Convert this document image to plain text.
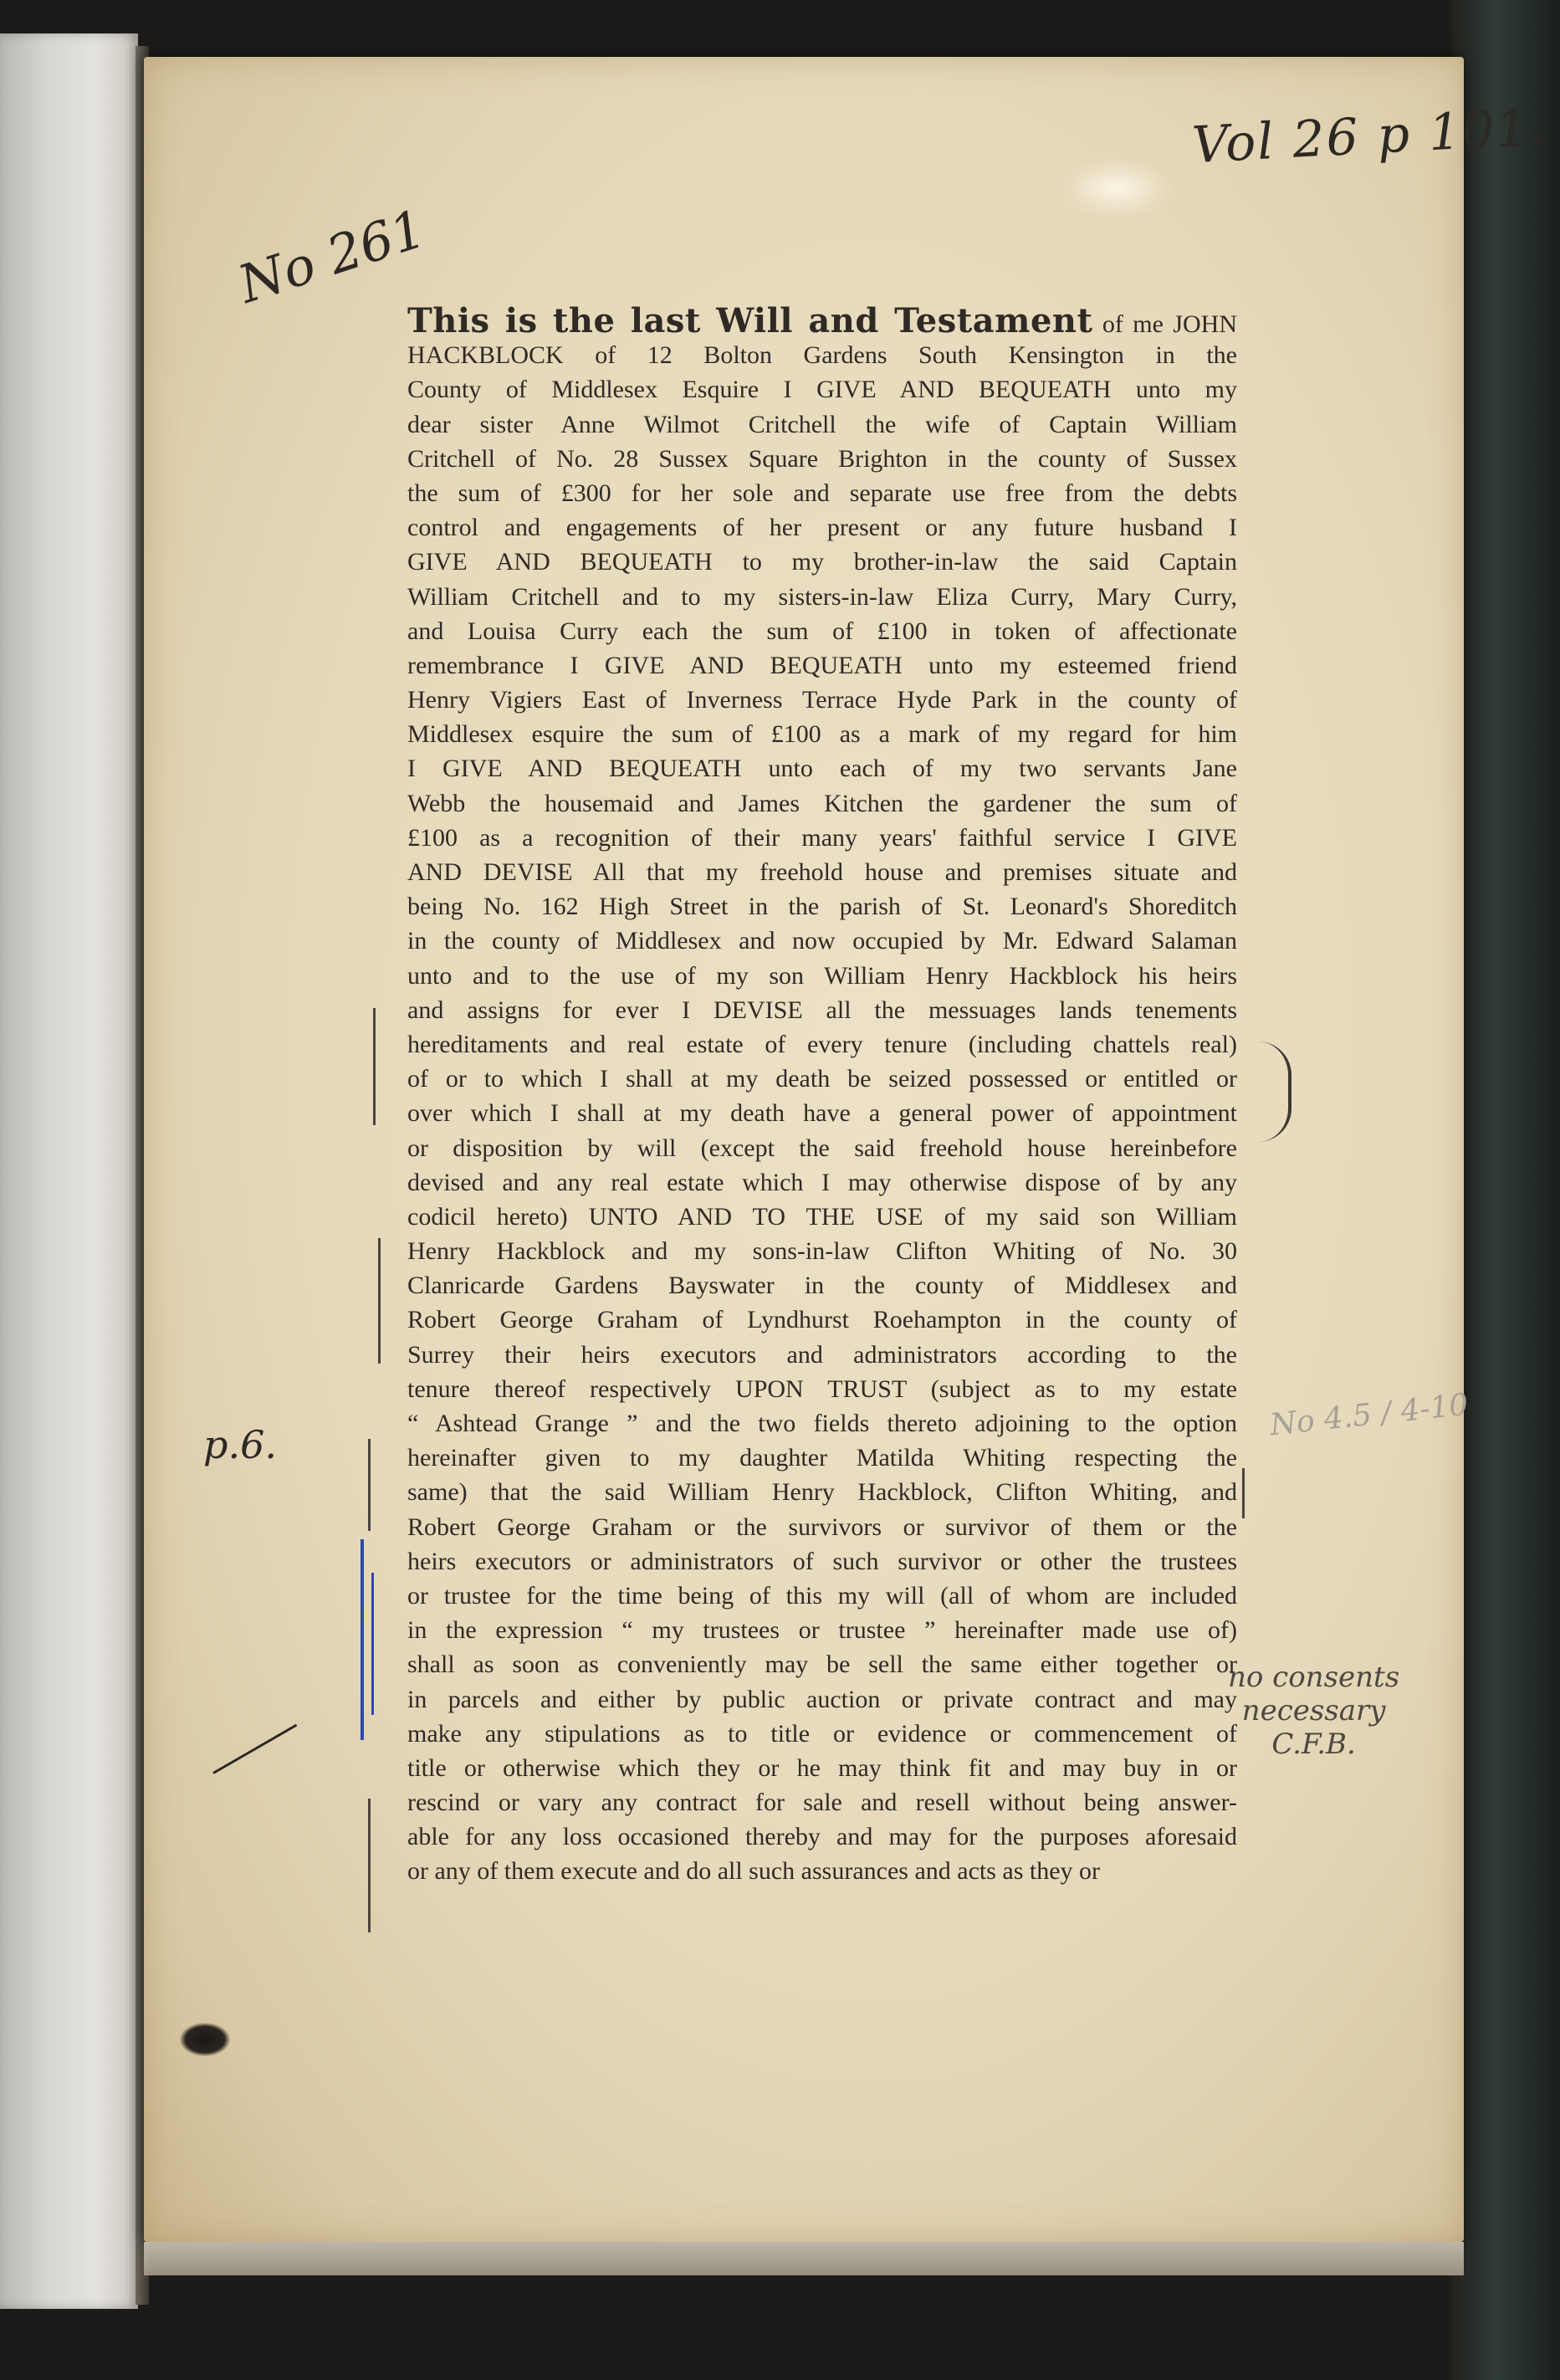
Vol 26 p 101.
No 261
p.6.
No 4.5 / 4-10
no consents
necessary
C.F.B.
This is the last Will and Testament of me JOHN
HACKBLOCK of 12 Bolton Gardens South Kensington in the
County of Middlesex Esquire I GIVE AND BEQUEATH unto my
dear sister Anne Wilmot Critchell the wife of Captain William
Critchell of No. 28 Sussex Square Brighton in the county of Sussex
the sum of £300 for her sole and separate use free from the debts
control and engagements of her present or any future husband I
GIVE AND BEQUEATH to my brother-in-law the said Captain
William Critchell and to my sisters-in-law Eliza Curry, Mary Curry,
and Louisa Curry each the sum of £100 in token of affectionate
remembrance I GIVE AND BEQUEATH unto my esteemed friend
Henry Vigiers East of Inverness Terrace Hyde Park in the county of
Middlesex esquire the sum of £100 as a mark of my regard for him
I GIVE AND BEQUEATH unto each of my two servants Jane
Webb the housemaid and James Kitchen the gardener the sum of
£100 as a recognition of their many years' faithful service I GIVE
AND DEVISE All that my freehold house and premises situate and
being No. 162 High Street in the parish of St. Leonard's Shoreditch
in the county of Middlesex and now occupied by Mr. Edward Salaman
unto and to the use of my son William Henry Hackblock his heirs
and assigns for ever I DEVISE all the messuages lands tenements
hereditaments and real estate of every tenure (including chattels real)
of or to which I shall at my death be seized possessed or entitled or
over which I shall at my death have a general power of appointment
or disposition by will (except the said freehold house hereinbefore
devised and any real estate which I may otherwise dispose of by any
codicil hereto) UNTO AND TO THE USE of my said son William
Henry Hackblock and my sons-in-law Clifton Whiting of No. 30
Clanricarde Gardens Bayswater in the county of Middlesex and
Robert George Graham of Lyndhurst Roehampton in the county of
Surrey their heirs executors and administrators according to the
tenure thereof respectively UPON TRUST (subject as to my estate
“ Ashtead Grange ” and the two fields thereto adjoining to the option
hereinafter given to my daughter Matilda Whiting respecting the
same) that the said William Henry Hackblock, Clifton Whiting, and
Robert George Graham or the survivors or survivor of them or the
heirs executors or administrators of such survivor or other the trustees
or trustee for the time being of this my will (all of whom are included
in the expression “ my trustees or trustee ” hereinafter made use of)
shall as soon as conveniently may be sell the same either together or
in parcels and either by public auction or private contract and may
make any stipulations as to title or evidence or commencement of
title or otherwise which they or he may think fit and may buy in or
rescind or vary any contract for sale and resell without being answer-
able for any loss occasioned thereby and may for the purposes aforesaid
or any of them execute and do all such assurances and acts as they or
